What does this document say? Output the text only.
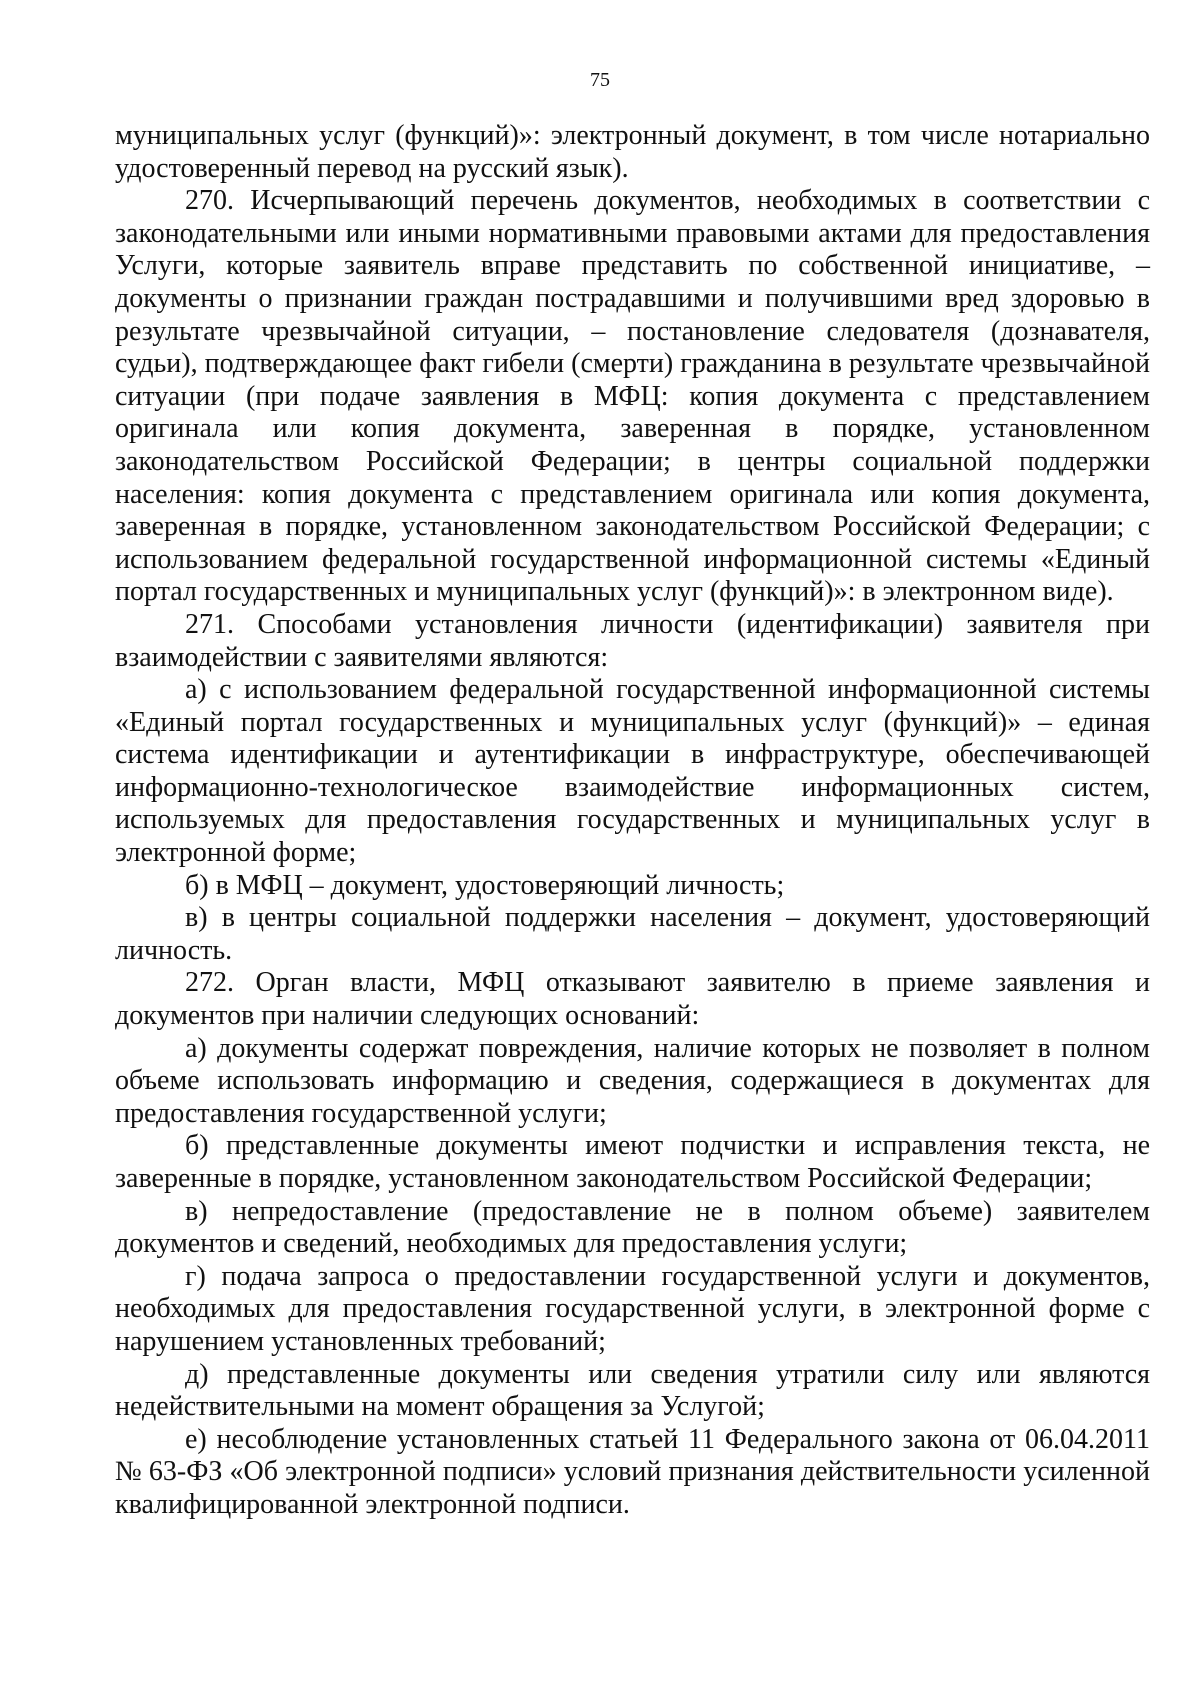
75

муниципальных услуг (функций)»: электронный документ, в том числе нотариально удостоверенный перевод на русский язык).

270. Исчерпывающий перечень документов, необходимых в соответствии с законодательными или иными нормативными правовыми актами для предоставления Услуги, которые заявитель вправе представить по собственной инициативе, – документы о признании граждан пострадавшими и получившими вред здоровью в результате чрезвычайной ситуации, – постановление следователя (дознавателя, судьи), подтверждающее факт гибели (смерти) гражданина в результате чрезвычайной ситуации (при подаче заявления в МФЦ: копия документа с представлением оригинала или копия документа, заверенная в порядке, установленном законодательством Российской Федерации; в центры социальной поддержки населения: копия документа с представлением оригинала или копия документа, заверенная в порядке, установленном законодательством Российской Федерации; с использованием федеральной государственной информационной системы «Единый портал государственных и муниципальных услуг (функций)»: в электронном виде).

271. Способами установления личности (идентификации) заявителя при взаимодействии с заявителями являются:

а) с использованием федеральной государственной информационной системы «Единый портал государственных и муниципальных услуг (функций)» – единая система идентификации и аутентификации в инфраструктуре, обеспечивающей информационно-технологическое взаимодействие информационных систем, используемых для предоставления государственных и муниципальных услуг в электронной форме;

б) в МФЦ – документ, удостоверяющий личность;

в) в центры социальной поддержки населения – документ, удостоверяющий личность.

272. Орган власти, МФЦ отказывают заявителю в приеме заявления и документов при наличии следующих оснований:

а) документы содержат повреждения, наличие которых не позволяет в полном объеме использовать информацию и сведения, содержащиеся в документах для предоставления государственной услуги;

б) представленные документы имеют подчистки и исправления текста, не заверенные в порядке, установленном законодательством Российской Федерации;

в) непредоставление (предоставление не в полном объеме) заявителем документов и сведений, необходимых для предоставления услуги;

г) подача запроса о предоставлении государственной услуги и документов, необходимых для предоставления государственной услуги, в электронной форме с нарушением установленных требований;

д) представленные документы или сведения утратили силу или являются недействительными на момент обращения за Услугой;

е) несоблюдение установленных статьей 11 Федерального закона от 06.04.2011 № 63-ФЗ «Об электронной подписи» условий признания действительности усиленной квалифицированной электронной подписи.
